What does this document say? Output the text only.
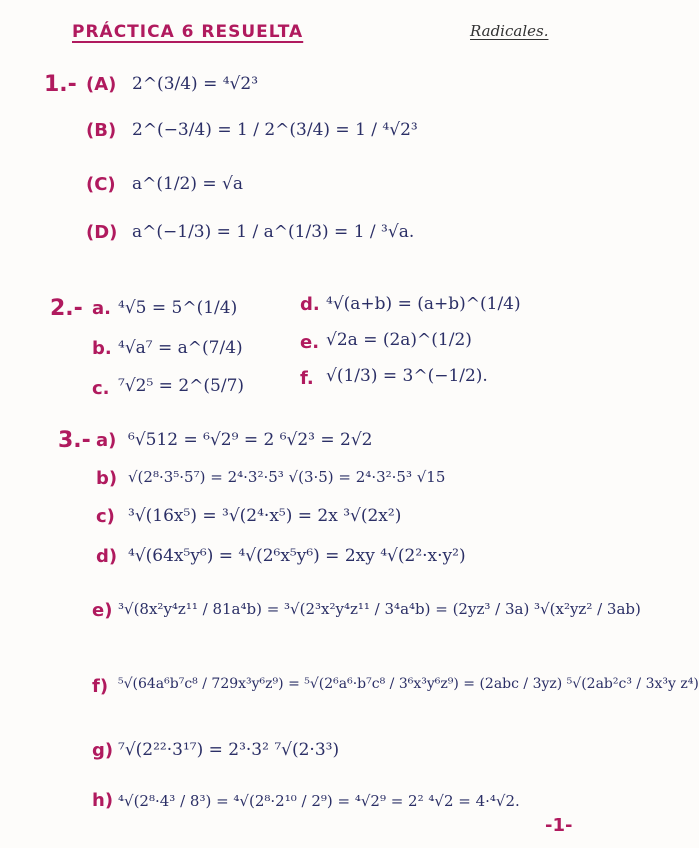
PRÁCTICA 6 RESUELTA	Radicales.
1.- (A) 2^(3/4) = ⁴√2³
(B) 2^(−3/4) = 1 / 2^(3/4) = 1 / ⁴√2³
(C) a^(1/2) = √a
(D) a^(−1/3) = 1 / a^(1/3) = 1 / ³√a.
2.- a. ⁴√5 = 5^(1/4)
b. ⁴√a⁷ = a^(7/4)
c. ⁷√2⁵ = 2^(5/7)
d. ⁴√(a+b) = (a+b)^(1/4)
e. √2a = (2a)^(1/2)
f. √(1/3) = 3^(−1/2).
3.- a) ⁶√512 = ⁶√2⁹ = 2 ⁶√2³ = 2√2
b) √(2⁸·3⁵·5⁷) = 2⁴·3²·5³ √(3·5) = 2⁴·3²·5³ √15
c) ³√(16x⁵) = ³√(2⁴·x⁵) = 2x ³√(2x²)
d) ⁴√(64x⁵y⁶) = ⁴√(2⁶x⁵y⁶) = 2xy ⁴√(2²·x·y²)
e) ³√(8x²y⁴z¹¹ / 81a⁴b) = ³√(2³x²y⁴z¹¹ / 3⁴a⁴b) = (2yz³ / 3a) ³√(x²yz² / 3ab)
f) ⁵√(64a⁶b⁷c⁸ / 729x³y⁶z⁹) = ⁵√(2⁶a⁶·b⁷c⁸ / 3⁶x³y⁶z⁹) = (2abc / 3yz) ⁵√(2ab²c³ / 3x³y z⁴)
g) ⁷√(2²²·3¹⁷) = 2³·3² ⁷√(2·3³)
h) ⁴√(2⁸·4³ / 8³) = ⁴√(2⁸·2¹⁰ / 2⁹) = ⁴√2⁹ = 2² ⁴√2 = 4·⁴√2.
-1-
